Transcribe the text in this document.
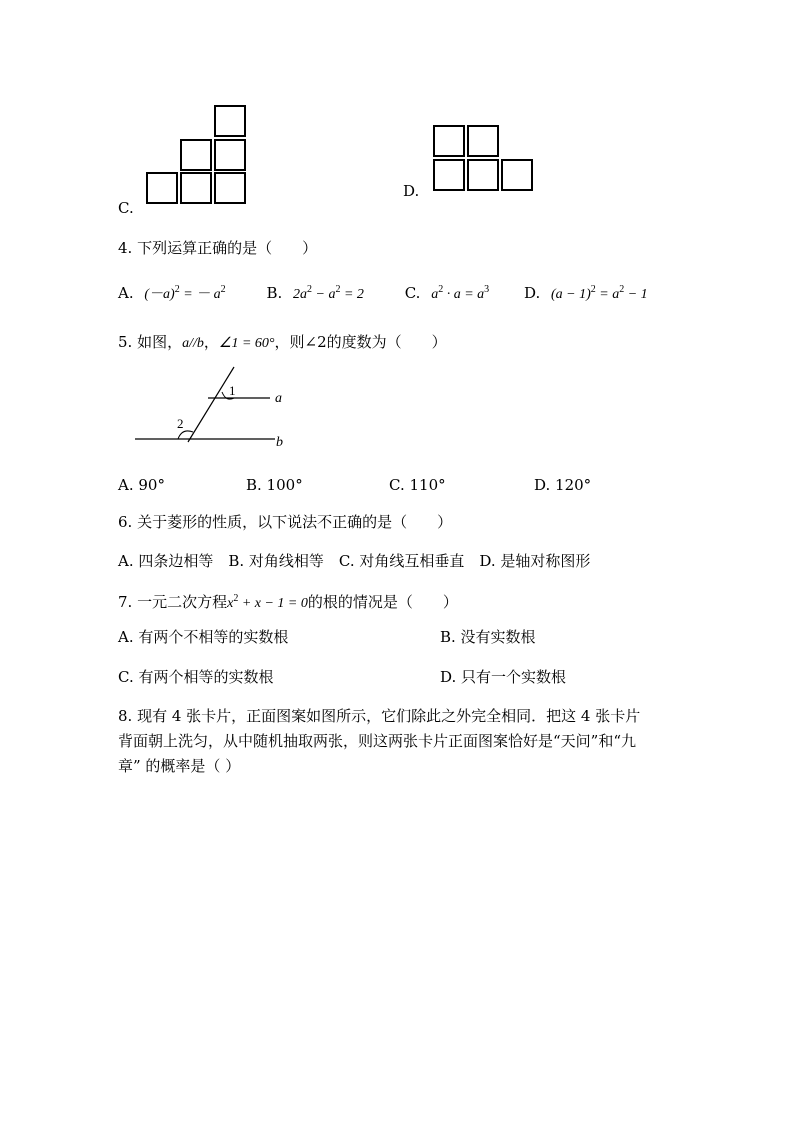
C.
D.
4. 下列运算正确的是（　　）
A. $(-a)^2$ = － $a^2$	B. $2a^2 - a^2 = 2$	C. $a^2 \cdot a = a^3$ D. $(a - 1)^2 = a^2 - 1$
5. 如图，a//b，∠1 = 60°，则∠2的度数为（　　）
1
2
a
b
A. 90°	B. 100°	C. 110°	D. 120°
6. 关于菱形的性质，以下说法不正确的是（　　）
A. 四条边相等　B. 对角线相等　C. 对角线互相垂直　D. 是轴对称图形
7. 一元二次方程$x^2 + x - 1 = 0$的根的情况是（　　）
A. 有两个不相等的实数根	B. 没有实数根
C. 有两个相等的实数根	D. 只有一个实数根
8. 现有 4 张卡片，正面图案如图所示，它们除此之外完全相同．把这 4 张卡片
背面朝上洗匀，从中随机抽取两张，则这两张卡片正面图案恰好是“天问”和“九
章” 的概率是（ ）
